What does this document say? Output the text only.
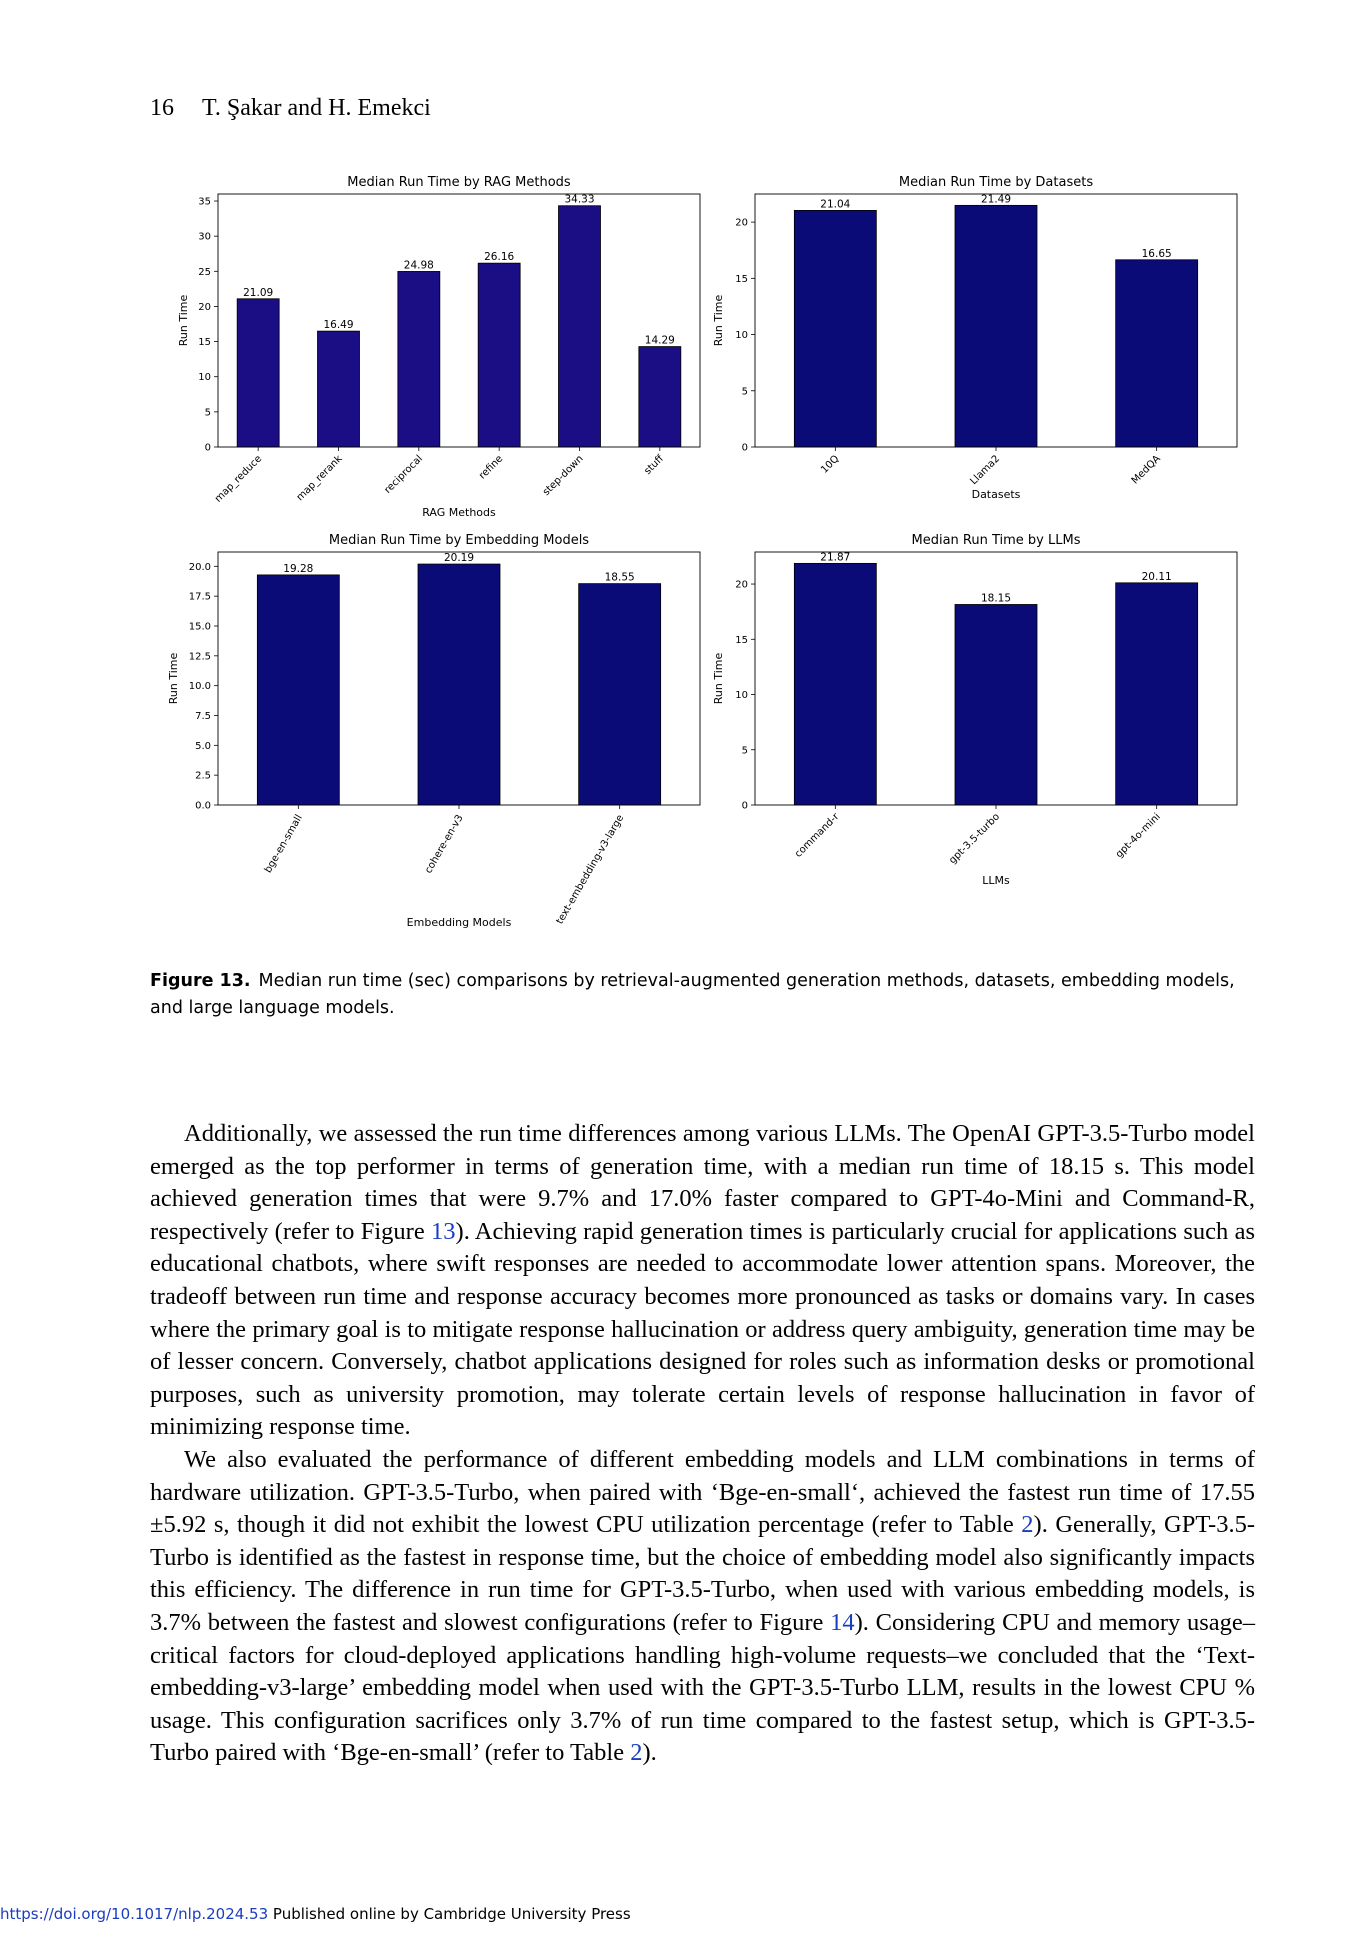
16 T. Şakar and H. Emekci
Median Run Time by RAG Methods
21.09
map_reduce
16.49
map_rerank
24.98
reciprocal
26.16
refine
34.33
step-down
14.29
stuff
0
5
10
15
20
25
30
35
RAG Methods
Run Time
Median Run Time by Datasets
21.04
10Q
21.49
Llama2
16.65
MedQA
0
5
10
15
20
Datasets
Run Time
Median Run Time by Embedding Models
19.28
bge-en-small
20.19
cohere-en-v3
18.55
text-embedding-v3-large
0.0
2.5
5.0
7.5
10.0
12.5
15.0
17.5
20.0
Embedding Models
Run Time
Median Run Time by LLMs
21.87
command-r
18.15
gpt-3.5-turbo
20.11
gpt-4o-mini
0
5
10
15
20
LLMs
Run Time
Figure 13. Median run time (sec) comparisons by retrieval-augmented generation methods, datasets, embedding models, and large language models.

Additionally, we assessed the run time differences among various LLMs. The OpenAI GPT-3.5-Turbo model emerged as the top performer in terms of generation time, with a median run time of 18.15 s. This model achieved generation times that were 9.7% and 17.0% faster compared to GPT-4o-Mini and Command-R, respectively (refer to Figure 13). Achieving rapid generation times is particularly crucial for applications such as educational chatbots, where swift responses are needed to accommodate lower attention spans. Moreover, the tradeoff between run time and response accuracy becomes more pronounced as tasks or domains vary. In cases where the primary goal is to mitigate response hallucination or address query ambiguity, generation time may be of lesser concern. Conversely, chatbot applications designed for roles such as information desks or promotional purposes, such as university promotion, may tolerate certain levels of response hallucination in favor of minimizing response time.

We also evaluated the performance of different embedding models and LLM combinations in terms of hardware utilization. GPT-3.5-Turbo, when paired with ‘Bge-en-small‘, achieved the fastest run time of 17.55 ±5.92 s, though it did not exhibit the lowest CPU utilization percentage (refer to Table 2). Generally, GPT-3.5-Turbo is identified as the fastest in response time, but the choice of embedding model also significantly impacts this efficiency. The difference in run time for GPT-3.5-Turbo, when used with various embedding models, is 3.7% between the fastest and slowest configurations (refer to Figure 14). Considering CPU and memory usage–critical factors for cloud-deployed applications handling high-volume requests–we concluded that the ‘Text-embedding-v3-large’ embedding model when used with the GPT-3.5-Turbo LLM, results in the lowest CPU % usage. This configuration sacrifices only 3.7% of run time compared to the fastest setup, which is GPT-3.5-Turbo paired with ‘Bge-en-small’ (refer to Table 2).

https://doi.org/10.1017/nlp.2024.53 Published online by Cambridge University Press
